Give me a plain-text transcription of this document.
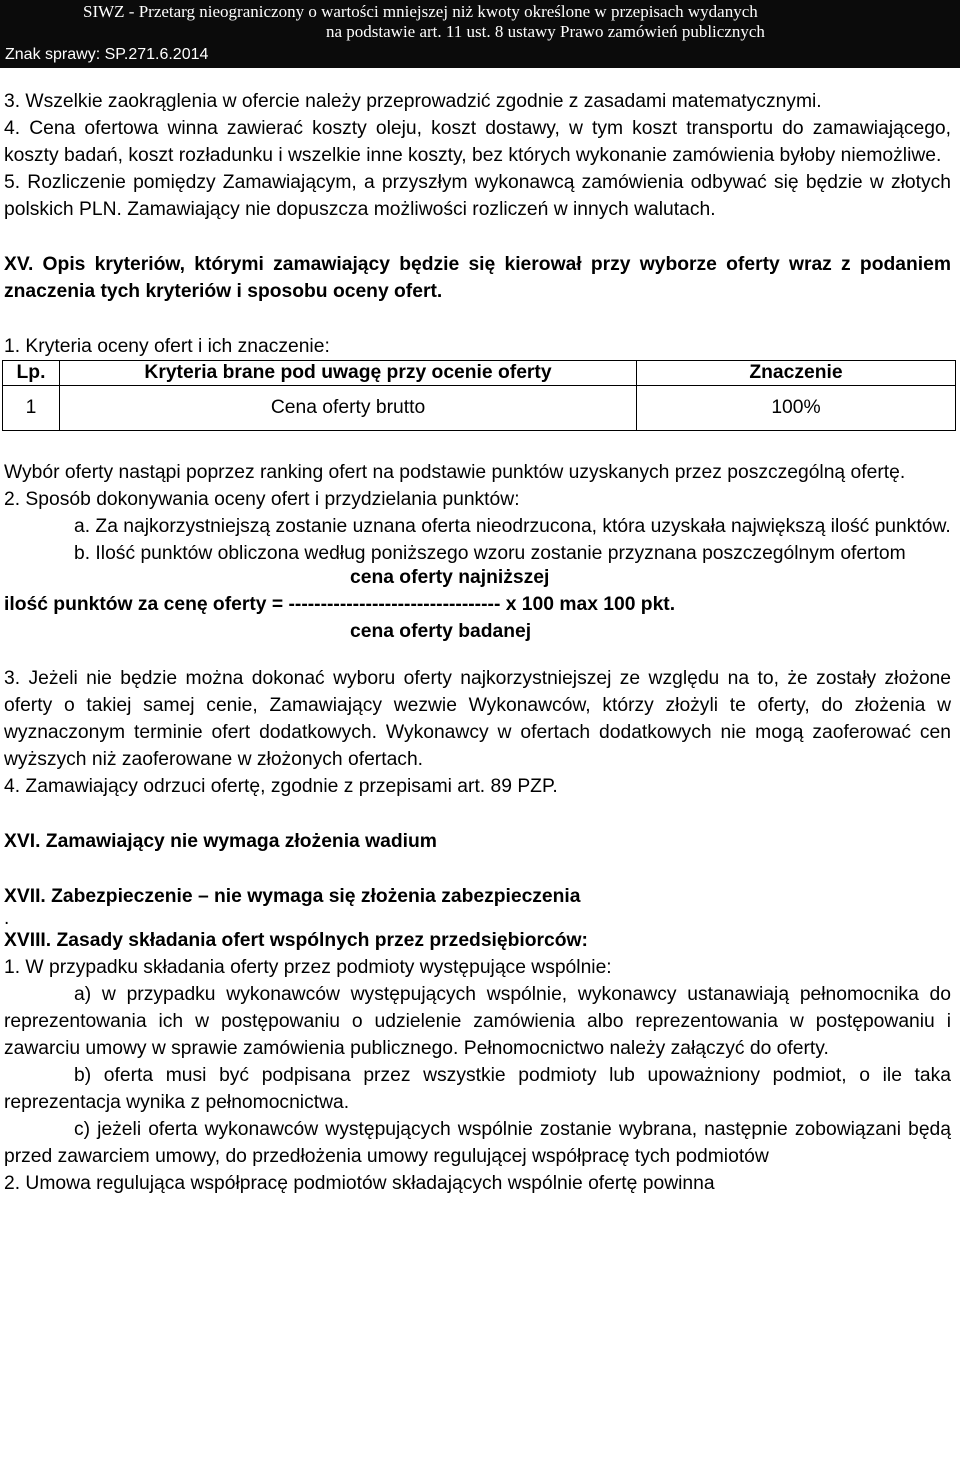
SIWZ - Przetarg nieograniczony o wartości mniejszej niż kwoty określone w przepisach wydanych
na podstawie art. 11 ust. 8 ustawy Prawo zamówień publicznych
Znak sprawy: SP.271.6.2014

3. Wszelkie zaokrąglenia w ofercie należy przeprowadzić zgodnie z zasadami matematycznymi.

4. Cena ofertowa winna zawierać koszty oleju, koszt dostawy, w tym koszt transportu do zamawiającego, koszty badań, koszt rozładunku i wszelkie inne koszty, bez których wykonanie zamówienia byłoby niemożliwe.

5. Rozliczenie pomiędzy Zamawiającym, a przyszłym wykonawcą zamówienia odbywać się będzie w złotych polskich PLN. Zamawiający nie dopuszcza możliwości rozliczeń w innych walutach.

XV. Opis kryteriów, którymi zamawiający będzie się kierował przy wyborze oferty wraz z podaniem znaczenia tych kryteriów i sposobu oceny ofert.

1. Kryteria oceny ofert i ich znaczenie:

Lp.	Kryteria brane pod uwagę przy ocenie oferty	Znaczenie
1	Cena oferty brutto	100%

Wybór oferty nastąpi poprzez ranking ofert na podstawie punktów uzyskanych przez poszczególną ofertę.

2. Sposób dokonywania oceny ofert i przydzielania punktów:

a. Za najkorzystniejszą zostanie uznana oferta nieodrzucona, która uzyskała największą ilość punktów.

b. Ilość punktów obliczona według poniższego wzoru zostanie przyznana poszczególnym ofertom

cena oferty najniższej
ilość punktów za cenę oferty = --------------------------------- x 100 max 100 pkt.
cena oferty badanej

3. Jeżeli nie będzie można dokonać wyboru oferty najkorzystniejszej ze względu na to, że zostały złożone oferty o takiej samej cenie, Zamawiający wezwie Wykonawców, którzy złożyli te oferty, do złożenia w wyznaczonym terminie ofert dodatkowych. Wykonawcy w ofertach dodatkowych nie mogą zaoferować cen wyższych niż zaoferowane w złożonych ofertach.

4. Zamawiający odrzuci ofertę, zgodnie z przepisami art. 89 PZP.

XVI. Zamawiający nie wymaga złożenia wadium

XVII. Zabezpieczenie – nie wymaga się złożenia zabezpieczenia

.

XVIII. Zasady składania ofert wspólnych przez przedsiębiorców:

1. W przypadku składania oferty przez podmioty występujące wspólnie:

a) w przypadku wykonawców występujących wspólnie, wykonawcy ustanawiają pełnomocnika do reprezentowania ich w postępowaniu o udzielenie zamówienia albo reprezentowania w postępowaniu i zawarciu umowy w sprawie zamówienia publicznego. Pełnomocnictwo należy załączyć do oferty.

b) oferta musi być podpisana przez wszystkie podmioty lub upoważniony podmiot, o ile taka reprezentacja wynika z pełnomocnictwa.

c) jeżeli oferta wykonawców występujących wspólnie zostanie wybrana, następnie zobowiązani będą przed zawarciem umowy, do przedłożenia umowy regulującej współpracę tych podmiotów

2. Umowa regulująca współpracę podmiotów składających wspólnie ofertę powinna
